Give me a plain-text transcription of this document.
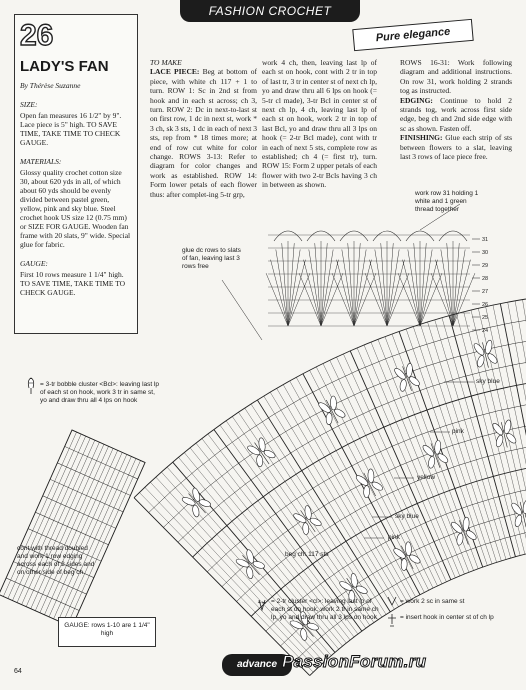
FASHION CROCHET
Pure elegance
26
LADY'S FAN
By Thérèse Suzanne
SIZE:
Open fan measures 16 1/2" by 9". Lace piece is 5" high. TO SAVE TIME, TAKE TIME TO CHECK GAUGE.
MATERIALS:
Glossy quality crochet cotton size 30, about 620 yds in all, of which about 60 yds should be evenly divided between pastel green, yellow, pink and sky blue. Steel crochet hook US size 12 (0.75 mm) or SIZE FOR GAUGE. Wooden fan frame with 20 slats, 9" wide. Special glue for fabric.
GAUGE:
First 10 rows measure 1 1/4" high. TO SAVE TIME, TAKE TIME TO CHECK GAUGE.
TO MAKE
LACE PIECE: Beg at bottom of piece, with white ch 117 + 1 to turn. ROW 1: Sc in 2nd st from hook and in each st across; ch 3, turn. ROW 2: Dc in next-to-last st on first row, 1 dc in next st, work * 3 ch, sk 3 sts, 1 dc in each of next 3 sts, rep from * 18 times more; at end of row cut white for color change. ROWS 3-13: Refer to diagram for color changes and work as established. ROW 14: Form lower petals of each flower thus: after complet-ing 5-tr grp,
work 4 ch, then, leaving last lp of each st on hook, cont with 2 tr in top of last tr, 3 tr in center st of next ch lp, yo and draw thru all 6 lps on hook (= 5-tr cl made), 3-tr Bcl in center st of next ch lp, 4 ch, leaving last lp of each st on hook, work 2 tr in top of last Bcl, yo and draw thru all 3 lps on hook (= 2-tr Bcl made), cont with tr in each of next 5 sts, complete row as established; ch 4 (= first tr), turn. ROW 15: Form 2 upper petals of each flower with two 2-tr Bcls having 3 ch in between as shown.
ROWS 16-31: Work following diagram and additional instructions. On row 31, work holding 2 strands tog as instructed.
EDGING: Continue to hold 2 strands tog, work across first side edge, beg ch and 2nd side edge with sc as shown. Fasten off.
FINISHING: Glue each strip of sts between flowers to a slat, leaving last 3 rows of lace piece free.
31
30
29
28
27
26
25
24
work row 31 holding 1 white and 1 green thread together
glue dc rows to slats of fan, leaving last 3 rows free
sky blue
pink
yellow
sky blue
pink
beg ch: 117 sts
cont with thread doubled and work 1 row edging across each of 2 sides and on other side of beg ch
= 3-tr bobble cluster <Bcl>: leaving last lp of each st on hook, work 3 tr in same st, yo and draw thru all 4 lps on hook
= 2-tr cluster <cl>: leaving last lp of each st on hook, work 2 tr in same ch lp, yo and draw thru all 3 lps on hook
= work 2 sc in same st
= insert hook in center st of ch lp
GAUGE: rows 1-10 are 1 1/4" high
64
advance PassionForum.ru
